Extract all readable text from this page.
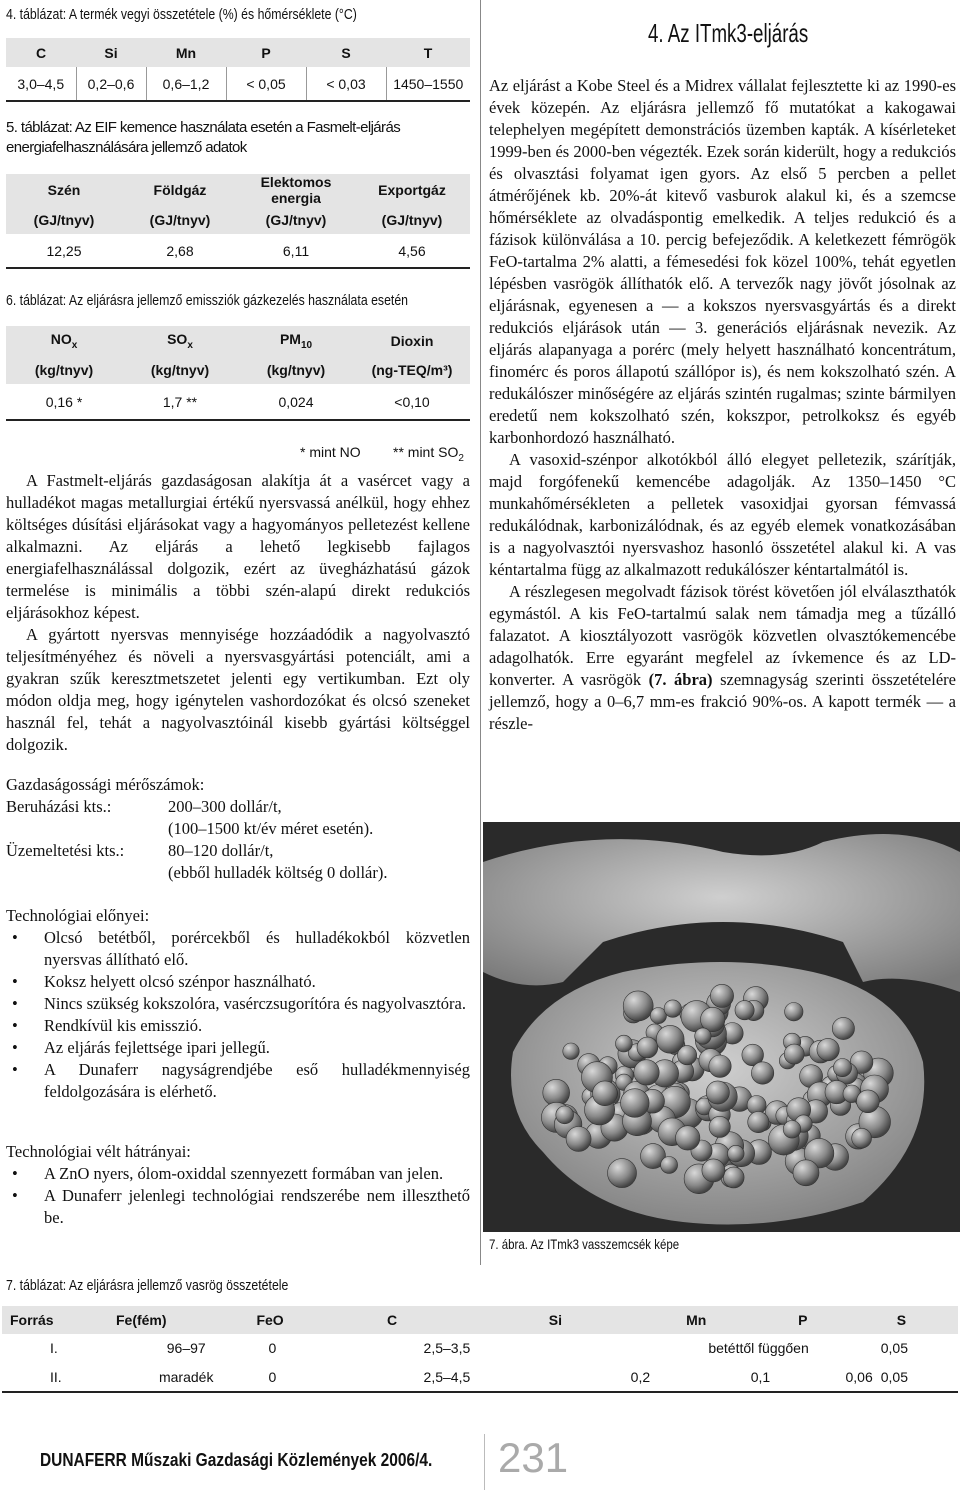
4. táblázat: A termék vegyi összetétele (%) és hőmérséklete (°C)
C	Si	Mn	P	S	T
3,0–4,5	0,2–0,6	0,6–1,2	< 0,05	< 0,03	1450–1550
5. táblázat: Az EIF kemence használata esetén a Fasmelt-eljárás energiafelhasználására jellemző adatok
Szén	Földgáz	Elektomos energia	Exportgáz
(GJ/tnyv)	(GJ/tnyv)	(GJ/tnyv)	(GJ/tnyv)
12,25	2,68	6,11	4,56
6. táblázat: Az eljárásra jellemző emissziók gázkezelés használata esetén
$NO_x$	$SO_x$	$PM_{10}$	Dioxin
(kg/tnyv)	(kg/tnyv)	(kg/tnyv)	(ng-TEQ/m³)
0,16 *	1,7 **	0,024	<0,10
* mint NO ** mint $SO_2$

A Fastmelt-eljárás gazdaságosan alakítja át a vasércet vagy a hulladékot magas metallurgiai értékű nyersvassá anélkül, hogy ehhez költséges dúsítási eljárásokat vagy a hagyományos pelletezést kellene alkalmazni. Az eljárás a lehető legkisebb fajlagos energiafelhasználással dolgozik, ezért az üvegházhatású gázok termelése is minimális a többi szén-alapú direkt redukciós eljárásokhoz képest.

A gyártott nyersvas mennyisége hozzáadódik a nagyolvasztó teljesítményéhez és növeli a nyersvasgyártási potenciált, ami a gyakran szűk keresztmetszetet jelenti egy vertikumban. Ezt oly módon oldja meg, hogy igénytelen vashordozókat és olcsó szeneket használ fel, tehát a nagyolvasztóinál kisebb gyártási költséggel dolgozik.

Gazdaságossági mérőszámok:
Beruházási kts.:	200–300 dollár/t,
(100–1500 kt/év méret esetén).
Üzemeltetési kts.:	80–120 dollár/t,
(ebből hulladék költség 0 dollár).
Technológiai előnyei:
• Olcsó betétből, porércekből és hulladékokból közvetlen nyersvas állítható elő.
• Koksz helyett olcsó szénpor használható.
• Nincs szükség kokszolóra, vasérczsugorítóra és nagyolvasztóra.
• Rendkívül kis emisszió.
• Az eljárás fejlettsége ipari jellegű.
• A Dunaferr nagyságrendjébe eső hulladékmennyiség feldolgozására is elérhető.
Technológiai vélt hátrányai:
• A ZnO nyers, ólom-oxiddal szennyezett formában van jelen.
• A Dunaferr jelenlegi technológiai rendszerébe nem illeszthető be.
4. Az ITmk3-eljárás

Az eljárást a Kobe Steel és a Midrex vállalat fejlesztette ki az 1990-es évek közepén. Az eljárásra jellemző fő mutatókat a kakogawai telephelyen megépített demonstrációs üzemben kapták. A kísérleteket 1999-ben és 2000-ben végezték. Ezek során kiderült, hogy a redukciós és olvasztási folyamat igen gyors. Az első 5 percben a pellet átmérőjének kb. 20%-át kitevő vasburok alakul ki, és a szemcse hőmérséklete az olvadáspontig emelkedik. A teljes redukció és a fázisok különválása a 10. percig befejeződik. A keletkezett fémrögök FeO-tartalma 2% alatti, a fémesedési fok közel 100%, tehát egyetlen lépésben vasrögök állíthatók elő. A tervezők nagy jövőt jósolnak az eljárásnak, egyenesen a — a kokszos nyersvasgyártás és a direkt redukciós eljárások után — 3. generációs eljárásnak nevezik. Az eljárás alapanyaga a porérc (mely helyett használható koncentrátum, finomérc és poros állapotú szállópor is), és nem kokszolható szén. A redukálószer minőségére az eljárás szintén rugalmas; szinte bármilyen eredetű nem kokszolható szén, kokszpor, petrolkoksz és egyéb karbonhordozó használható.

A vasoxid-szénpor alkotókból álló elegyet pelletezik, szárítják, majd forgófenekű kemencébe adagolják. Az 1350–1450 °C munkahőmérsékleten a pelletek vasoxidjai gyorsan fémvassá redukálódnak, karbonizálódnak, és az egyéb elemek vonatkozásában is a nagyolvasztói nyersvashoz hasonló összetétel alakul ki. A vas kéntartalma függ az alkalmazott redukálószer kéntartalmától is.

A részlegesen megolvadt fázisok törést követően jól elválaszthatók egymástól. A kis FeO-tartalmú salak nem támadja meg a tűzálló falazatot. A kiosztályozott vasrögök közvetlen olvasztókemencébe adagolhatók. Erre egyaránt megfelel az ívkemence és az LD-konverter. A vasrögök (7. ábra) szemnagyság szerinti összetételére jellemző, hogy a 0–6,7 mm-es frakció 90%-os. A kapott termék — a részle-

7. ábra. Az ITmk3 vasszemcsék képe
7. táblázat: Az eljárásra jellemző vasrög összetétele
Forrás	Fe(fém)	FeO	C	Si	Mn	P	S
I.	96–97	0	2,5–3,5	betéttől függően			0,05
II.	maradék	0	2,5–4,5	0,2	0,1	0,06	0,05
DUNAFERR Műszaki Gazdasági Közlemények 2006/4. 231
